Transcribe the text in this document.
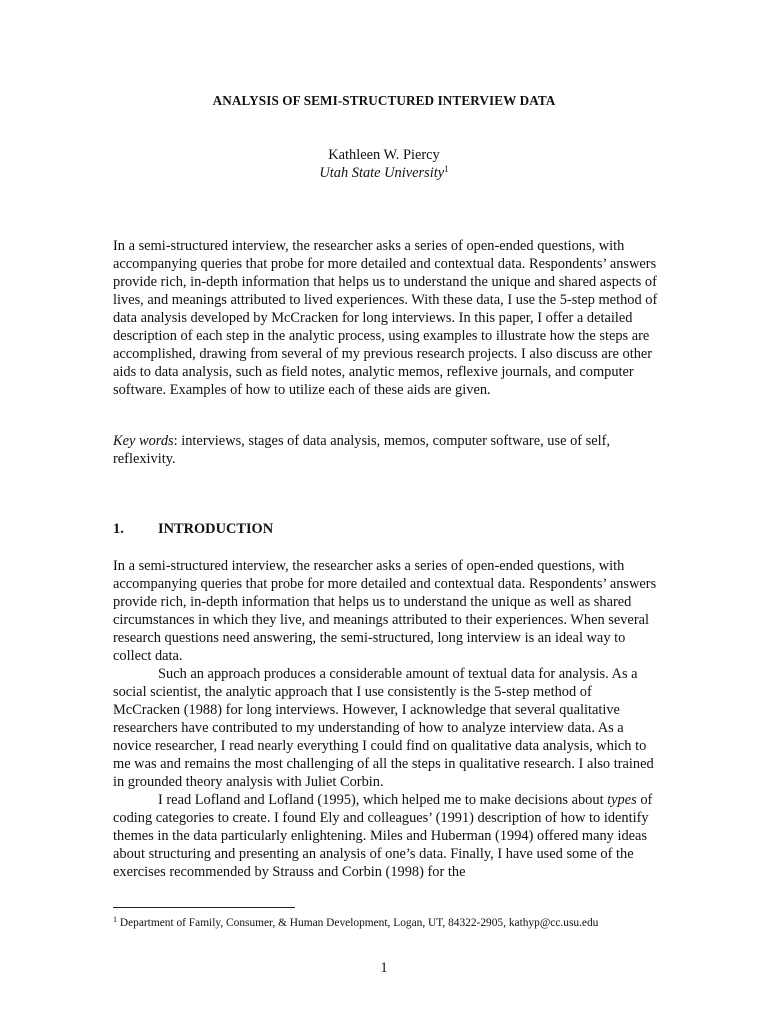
ANALYSIS OF SEMI-STRUCTURED INTERVIEW DATA
Kathleen W. Piercy
Utah State University$^1$

In a semi-structured interview, the researcher asks a series of open-ended questions, with accompanying queries that probe for more detailed and contextual data. Respondents’ answers provide rich, in-depth information that helps us to understand the unique and shared aspects of lives, and meanings attributed to lived experiences. With these data, I use the 5-step method of data analysis developed by McCracken for long interviews. In this paper, I offer a detailed description of each step in the analytic process, using examples to illustrate how the steps are accomplished, drawing from several of my previous research projects. I also discuss are other aids to data analysis, such as field notes, analytic memos, reflexive journals, and computer software. Examples of how to utilize each of these aids are given.

Key words: interviews, stages of data analysis, memos, computer software, use of self, reflexivity.

1. INTRODUCTION

In a semi-structured interview, the researcher asks a series of open-ended questions, with accompanying queries that probe for more detailed and contextual data. Respondents’ answers provide rich, in-depth information that helps us to understand the unique as well as shared circumstances in which they live, and meanings attributed to their experiences. When several research questions need answering, the semi-structured, long interview is an ideal way to collect data.

Such an approach produces a considerable amount of textual data for analysis. As a social scientist, the analytic approach that I use consistently is the 5-step method of McCracken (1988) for long interviews. However, I acknowledge that several qualitative researchers have contributed to my understanding of how to analyze interview data. As a novice researcher, I read nearly everything I could find on qualitative data analysis, which to me was and remains the most challenging of all the steps in qualitative research. I also trained in grounded theory analysis with Juliet Corbin.

I read Lofland and Lofland (1995), which helped me to make decisions about types of coding categories to create. I found Ely and colleagues’ (1991) description of how to identify themes in the data particularly enlightening. Miles and Huberman (1994) offered many ideas about structuring and presenting an analysis of one’s data. Finally, I have used some of the exercises recommended by Strauss and Corbin (1998) for the

$^1$ Department of Family, Consumer, & Human Development, Logan, UT, 84322-2905, kathyp@cc.usu.edu
1
